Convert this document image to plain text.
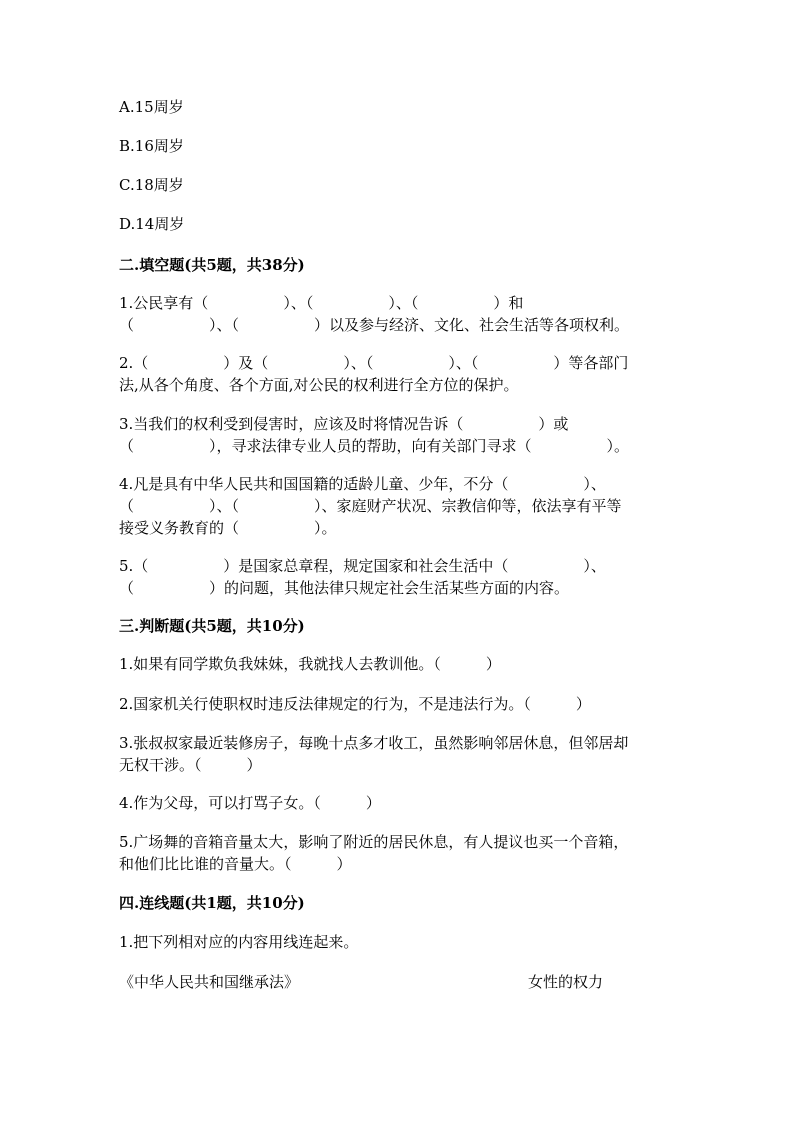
A.15周岁
B.16周岁
C.18周岁
D.14周岁
二.填空题(共5题，共38分)
1.公民享有（　　　　　）、（　　　　　）、（　　　　　）和
（　　　　　）、（　　　　　）以及参与经济、文化、社会生活等各项权利。
2.（　　　　　）及（　　　　　）、（　　　　　）、（　　　　　）等各部门
法,从各个角度、各个方面,对公民的权利进行全方位的保护。
3.当我们的权利受到侵害时，应该及时将情况告诉（　　　　　）或
（　　　　　），寻求法律专业人员的帮助，向有关部门寻求（　　　　　）。
4.凡是具有中华人民共和国国籍的适龄儿童、少年，不分（　　　　　）、
（　　　　　）、（　　　　　）、家庭财产状况、宗教信仰等，依法享有平等
接受义务教育的（　　　　　）。
5.（　　　　　）是国家总章程，规定国家和社会生活中（　　　　　）、
（　　　　　）的问题，其他法律只规定社会生活某些方面的内容。
三.判断题(共5题，共10分)
1.如果有同学欺负我妹妹，我就找人去教训他。（　　　）
2.国家机关行使职权时违反法律规定的行为，不是违法行为。（　　　）
3.张叔叔家最近装修房子，每晚十点多才收工，虽然影响邻居休息，但邻居却
无权干涉。（　　　）
4.作为父母，可以打骂子女。（　　　）
5.广场舞的音箱音量太大，影响了附近的居民休息，有人提议也买一个音箱，
和他们比比谁的音量大。（　　　）
四.连线题(共1题，共10分)
1.把下列相对应的内容用线连起来。
《中华人民共和国继承法》	女性的权力
